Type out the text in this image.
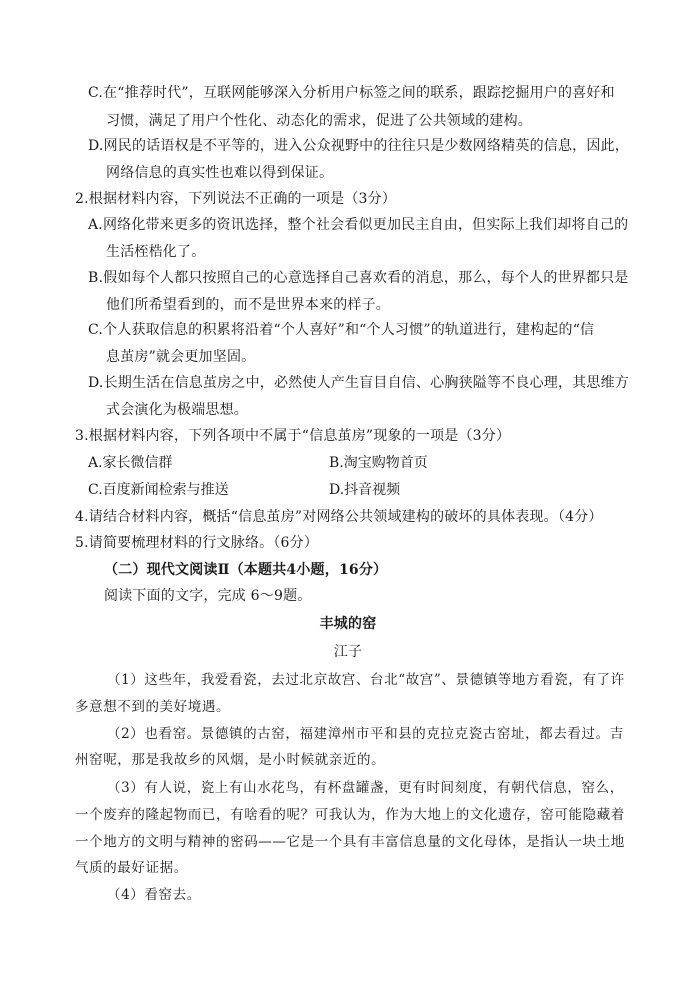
C.在“推荐时代”，互联网能够深入分析用户标签之间的联系，跟踪挖掘用户的喜好和
习惯，满足了用户个性化、动态化的需求，促进了公共领域的建构。
D.网民的话语权是不平等的，进入公众视野中的往往只是少数网络精英的信息，因此，
网络信息的真实性也难以得到保证。
2.根据材料内容，下列说法不正确的一项是（3分）
A.网络化带来更多的资讯选择，整个社会看似更加民主自由，但实际上我们却将自己的
生活桎梏化了。
B.假如每个人都只按照自己的心意选择自己喜欢看的消息，那么，每个人的世界都只是
他们所希望看到的，而不是世界本来的样子。
C.个人获取信息的积累将沿着“个人喜好”和“个人习惯”的轨道进行，建构起的“信
息茧房”就会更加坚固。
D.长期生活在信息茧房之中，必然使人产生盲目自信、心胸狭隘等不良心理，其思维方
式会演化为极端思想。
3.根据材料内容，下列各项中不属于“信息茧房”现象的一项是（3分）
A.家长微信群	B.淘宝购物首页
C.百度新闻检索与推送	D.抖音视频
4.请结合材料内容，概括“信息茧房”对网络公共领域建构的破坏的具体表现。（4分）
5.请简要梳理材料的行文脉络。（6分）
（二）现代文阅读Ⅱ（本题共4小题，16分）
阅读下面的文字，完成 6～9题。
丰城的窑
江子
（1）这些年，我爱看瓷，去过北京故宫、台北“故宫”、景德镇等地方看瓷，有了许
多意想不到的美好境遇。
（2）也看窑。景德镇的古窑，福建漳州市平和县的克拉克瓷古窑址，都去看过。吉
州窑呢，那是我故乡的风烟，是小时候就亲近的。
（3）有人说，瓷上有山水花鸟，有杯盘罐盏，更有时间刻度，有朝代信息，窑么，
一个废弃的隆起物而已，有啥看的呢？可我认为，作为大地上的文化遗存，窑可能隐藏着
一个地方的文明与精神的密码——它是一个具有丰富信息量的文化母体，是指认一块土地
气质的最好证据。
（4）看窑去。
